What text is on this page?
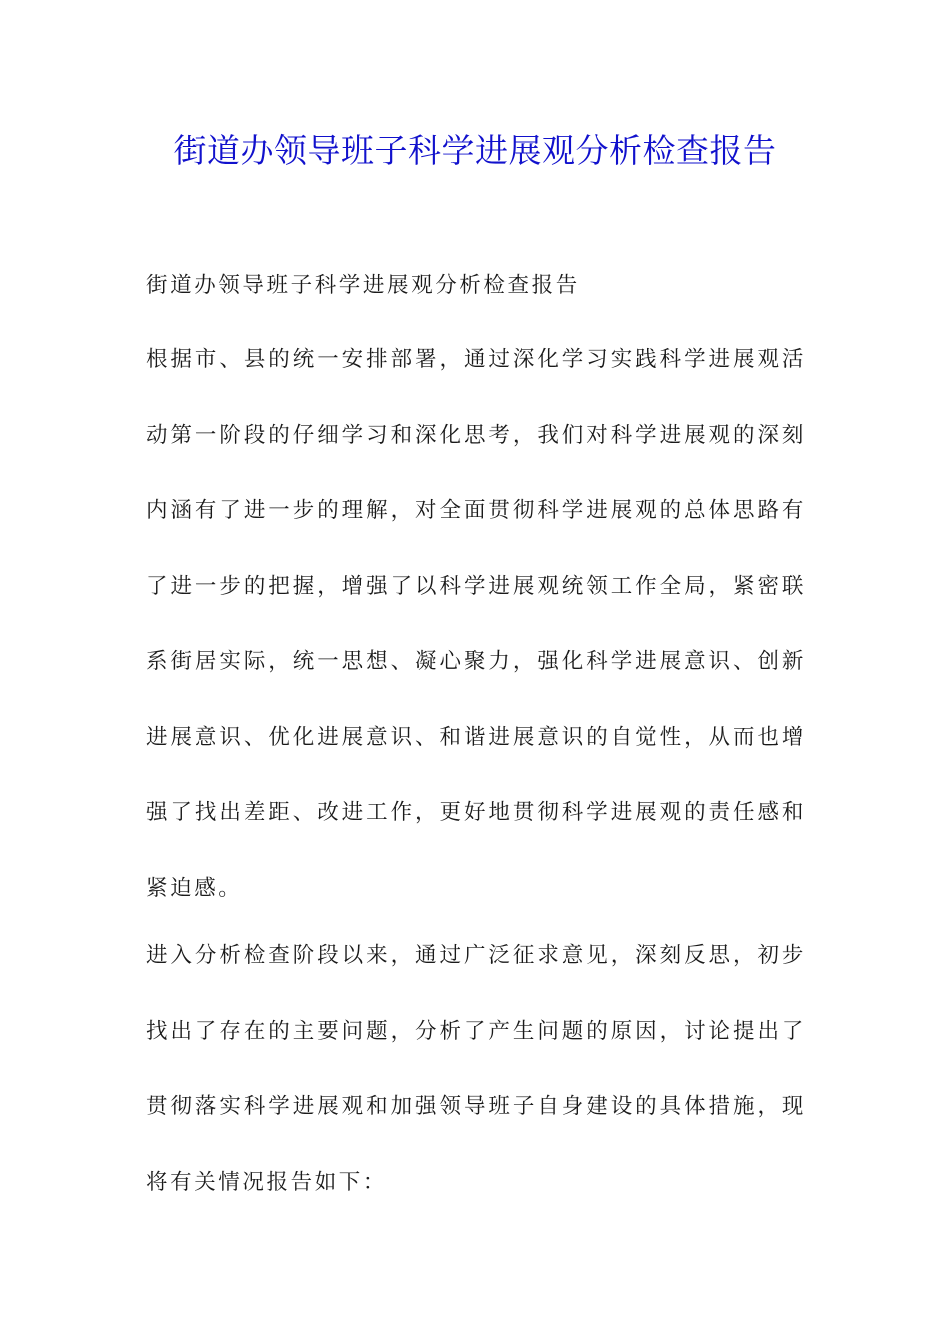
街道办领导班子科学进展观分析检查报告
街道办领导班子科学进展观分析检查报告

根据市、县的统一安排部署，通过深化学习实践科学进展观活动第一阶段的仔细学习和深化思考，我们对科学进展观的深刻内涵有了进一步的理解，对全面贯彻科学进展观的总体思路有了进一步的把握，增强了以科学进展观统领工作全局，紧密联系街居实际，统一思想、凝心聚力，强化科学进展意识、创新进展意识、优化进展意识、和谐进展意识的自觉性，从而也增强了找出差距、改进工作，更好地贯彻科学进展观的责任感和紧迫感。

进入分析检查阶段以来，通过广泛征求意见，深刻反思，初步找出了存在的主要问题，分析了产生问题的原因，讨论提出了贯彻落实科学进展观和加强领导班子自身建设的具体措施，现将有关情况报告如下：
